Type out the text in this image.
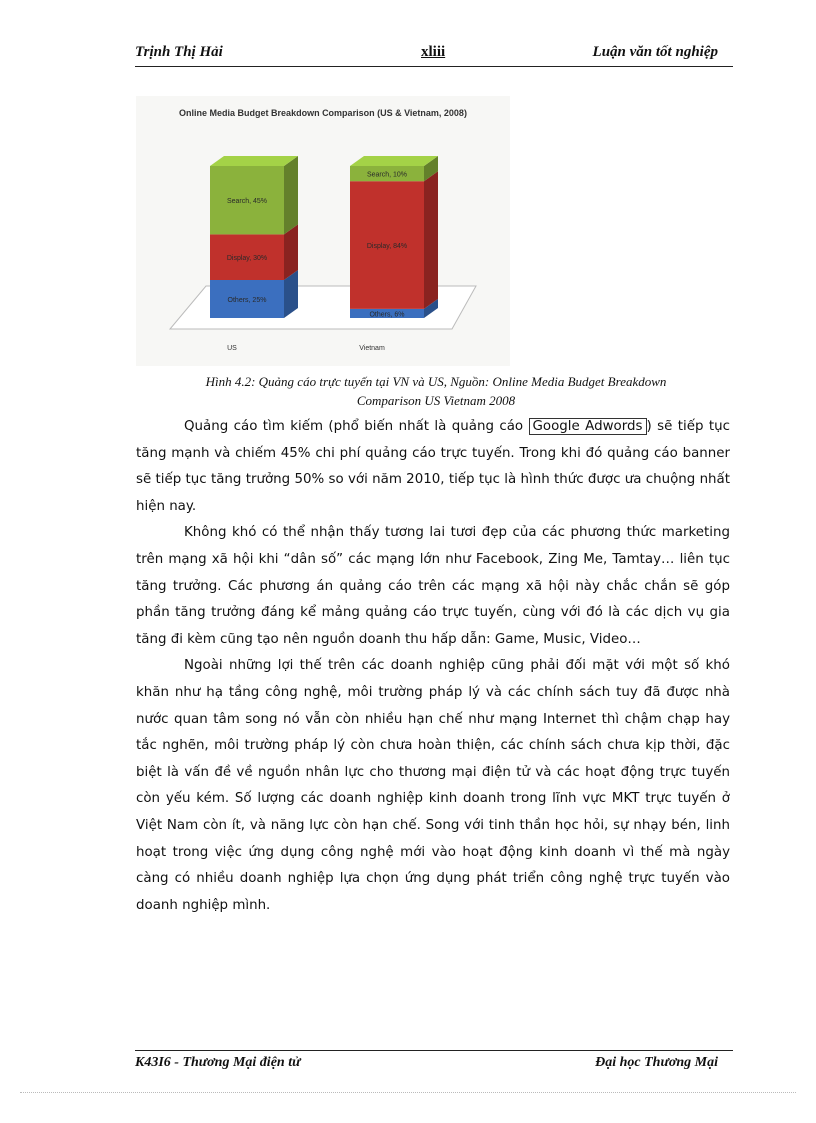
Trịnh Thị Hải	xliii	Luận văn tốt nghiệp
Online Media Budget Breakdown Comparison (US & Vietnam, 2008)
Others, 25%
Display, 30%
Search, 45%
Others, 6%
Display, 84%
Search, 10%
US	Vietnam
Hình 4.2: Quảng cáo trực tuyến tại VN và US, Nguồn: Online Media Budget Breakdown
Comparison US Vietnam 2008

Quảng cáo tìm kiếm (phổ biến nhất là quảng cáo Google Adwords ) sẽ tiếp tục tăng mạnh và chiếm 45% chi phí quảng cáo trực tuyến. Trong khi đó quảng cáo banner sẽ tiếp tục tăng trưởng 50% so với năm 2010, tiếp tục là hình thức được ưa chuộng nhất hiện nay.

Không khó có thể nhận thấy tương lai tươi đẹp của các phương thức marketing trên mạng xã hội khi “dân số” các mạng lớn như Facebook, Zing Me, Tamtay… liên tục tăng trưởng. Các phương án quảng cáo trên các mạng xã hội này chắc chắn sẽ góp phần tăng trưởng đáng kể mảng quảng cáo trực tuyến, cùng với đó là các dịch vụ gia tăng đi kèm cũng tạo nên nguồn doanh thu hấp dẫn: Game, Music, Video…

Ngoài những lợi thế trên các doanh nghiệp cũng phải đối mặt với một số khó khăn như hạ tầng công nghệ, môi trường pháp lý và các chính sách tuy đã được nhà nước quan tâm song nó vẫn còn nhiều hạn chế như mạng Internet thì chậm chạp hay tắc nghẽn, môi trường pháp lý còn chưa hoàn thiện, các chính sách chưa kịp thời, đặc biệt là vấn đề về nguồn nhân lực cho thương mại điện tử và các hoạt động trực tuyến còn yếu kém. Số lượng các doanh nghiệp kinh doanh trong lĩnh vực MKT trực tuyến ở Việt Nam còn ít, và năng lực còn hạn chế. Song với tinh thần học hỏi, sự nhạy bén, linh hoạt trong việc ứng dụng công nghệ mới vào hoạt động kinh doanh vì thế mà ngày càng có nhiều doanh nghiệp lựa chọn ứng dụng phát triển công nghệ trực tuyến vào doanh nghiệp mình.

K43I6 - Thương Mại điện tử	Đại học Thương Mại
